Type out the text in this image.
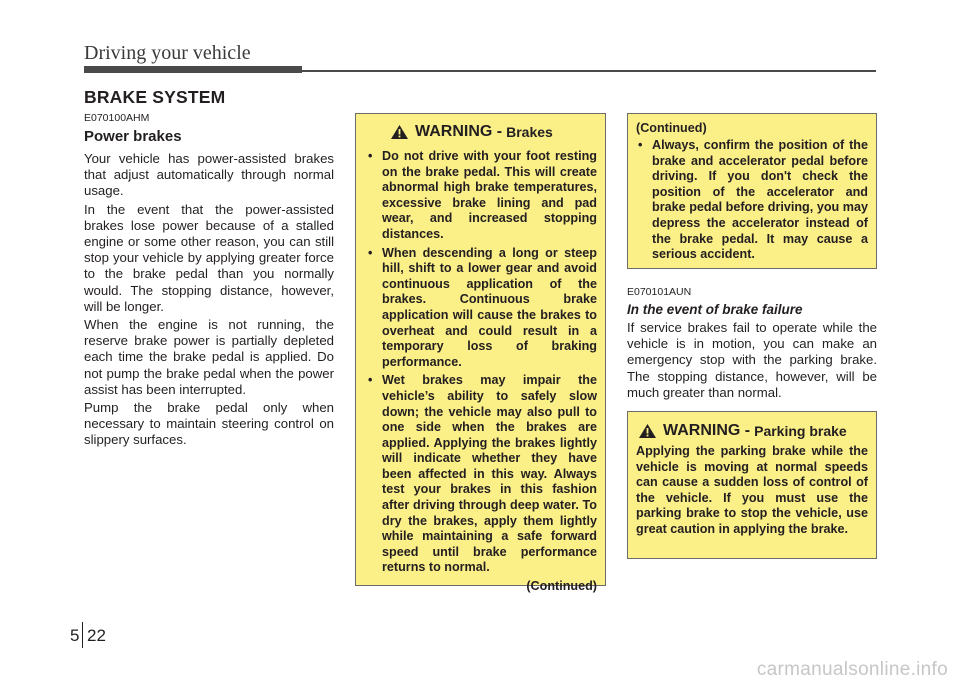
Driving your vehicle
BRAKE SYSTEM

E070100AHM

Power brakes

Your vehicle has power-assisted brakes that adjust automatically through normal usage.

In the event that the power-assisted brakes lose power because of a stalled engine or some other reason, you can still stop your vehicle by applying greater force to the brake pedal than you normally would. The stopping distance, however, will be longer.

When the engine is not running, the reserve brake power is partially depleted each time the brake pedal is applied. Do not pump the brake pedal when the power assist has been interrupted.

Pump the brake pedal only when necessary to maintain steering control on slippery surfaces.

WARNING - Brakes
• Do not drive with your foot resting on the brake pedal. This will create abnormal high brake temperatures, excessive brake lining and pad wear, and increased stopping distances.
• When descending a long or steep hill, shift to a lower gear and avoid continuous application of the brakes. Continuous brake application will cause the brakes to overheat and could result in a temporary loss of braking performance.
• Wet brakes may impair the vehicle’s ability to safely slow down; the vehicle may also pull to one side when the brakes are applied. Applying the brakes lightly will indicate whether they have been affected in this way. Always test your brakes in this fashion after driving through deep water. To dry the brakes, apply them lightly while maintaining a safe forward speed until brake performance returns to normal.
(Continued)
(Continued)
• Always, confirm the position of the brake and accelerator pedal before driving. If you don't check the position of the accelerator and brake pedal before driving, you may depress the accelerator instead of the brake pedal. It may cause a serious accident.

E070101AUN

In the event of brake failure

If service brakes fail to operate while the vehicle is in motion, you can make an emergency stop with the parking brake. The stopping distance, however, will be much greater than normal.

WARNING - Parking brake

Applying the parking brake while the vehicle is moving at normal speeds can cause a sudden loss of control of the vehicle. If you must use the parking brake to stop the vehicle, use great caution in applying the brake.

5 22
carmanualsonline.info
